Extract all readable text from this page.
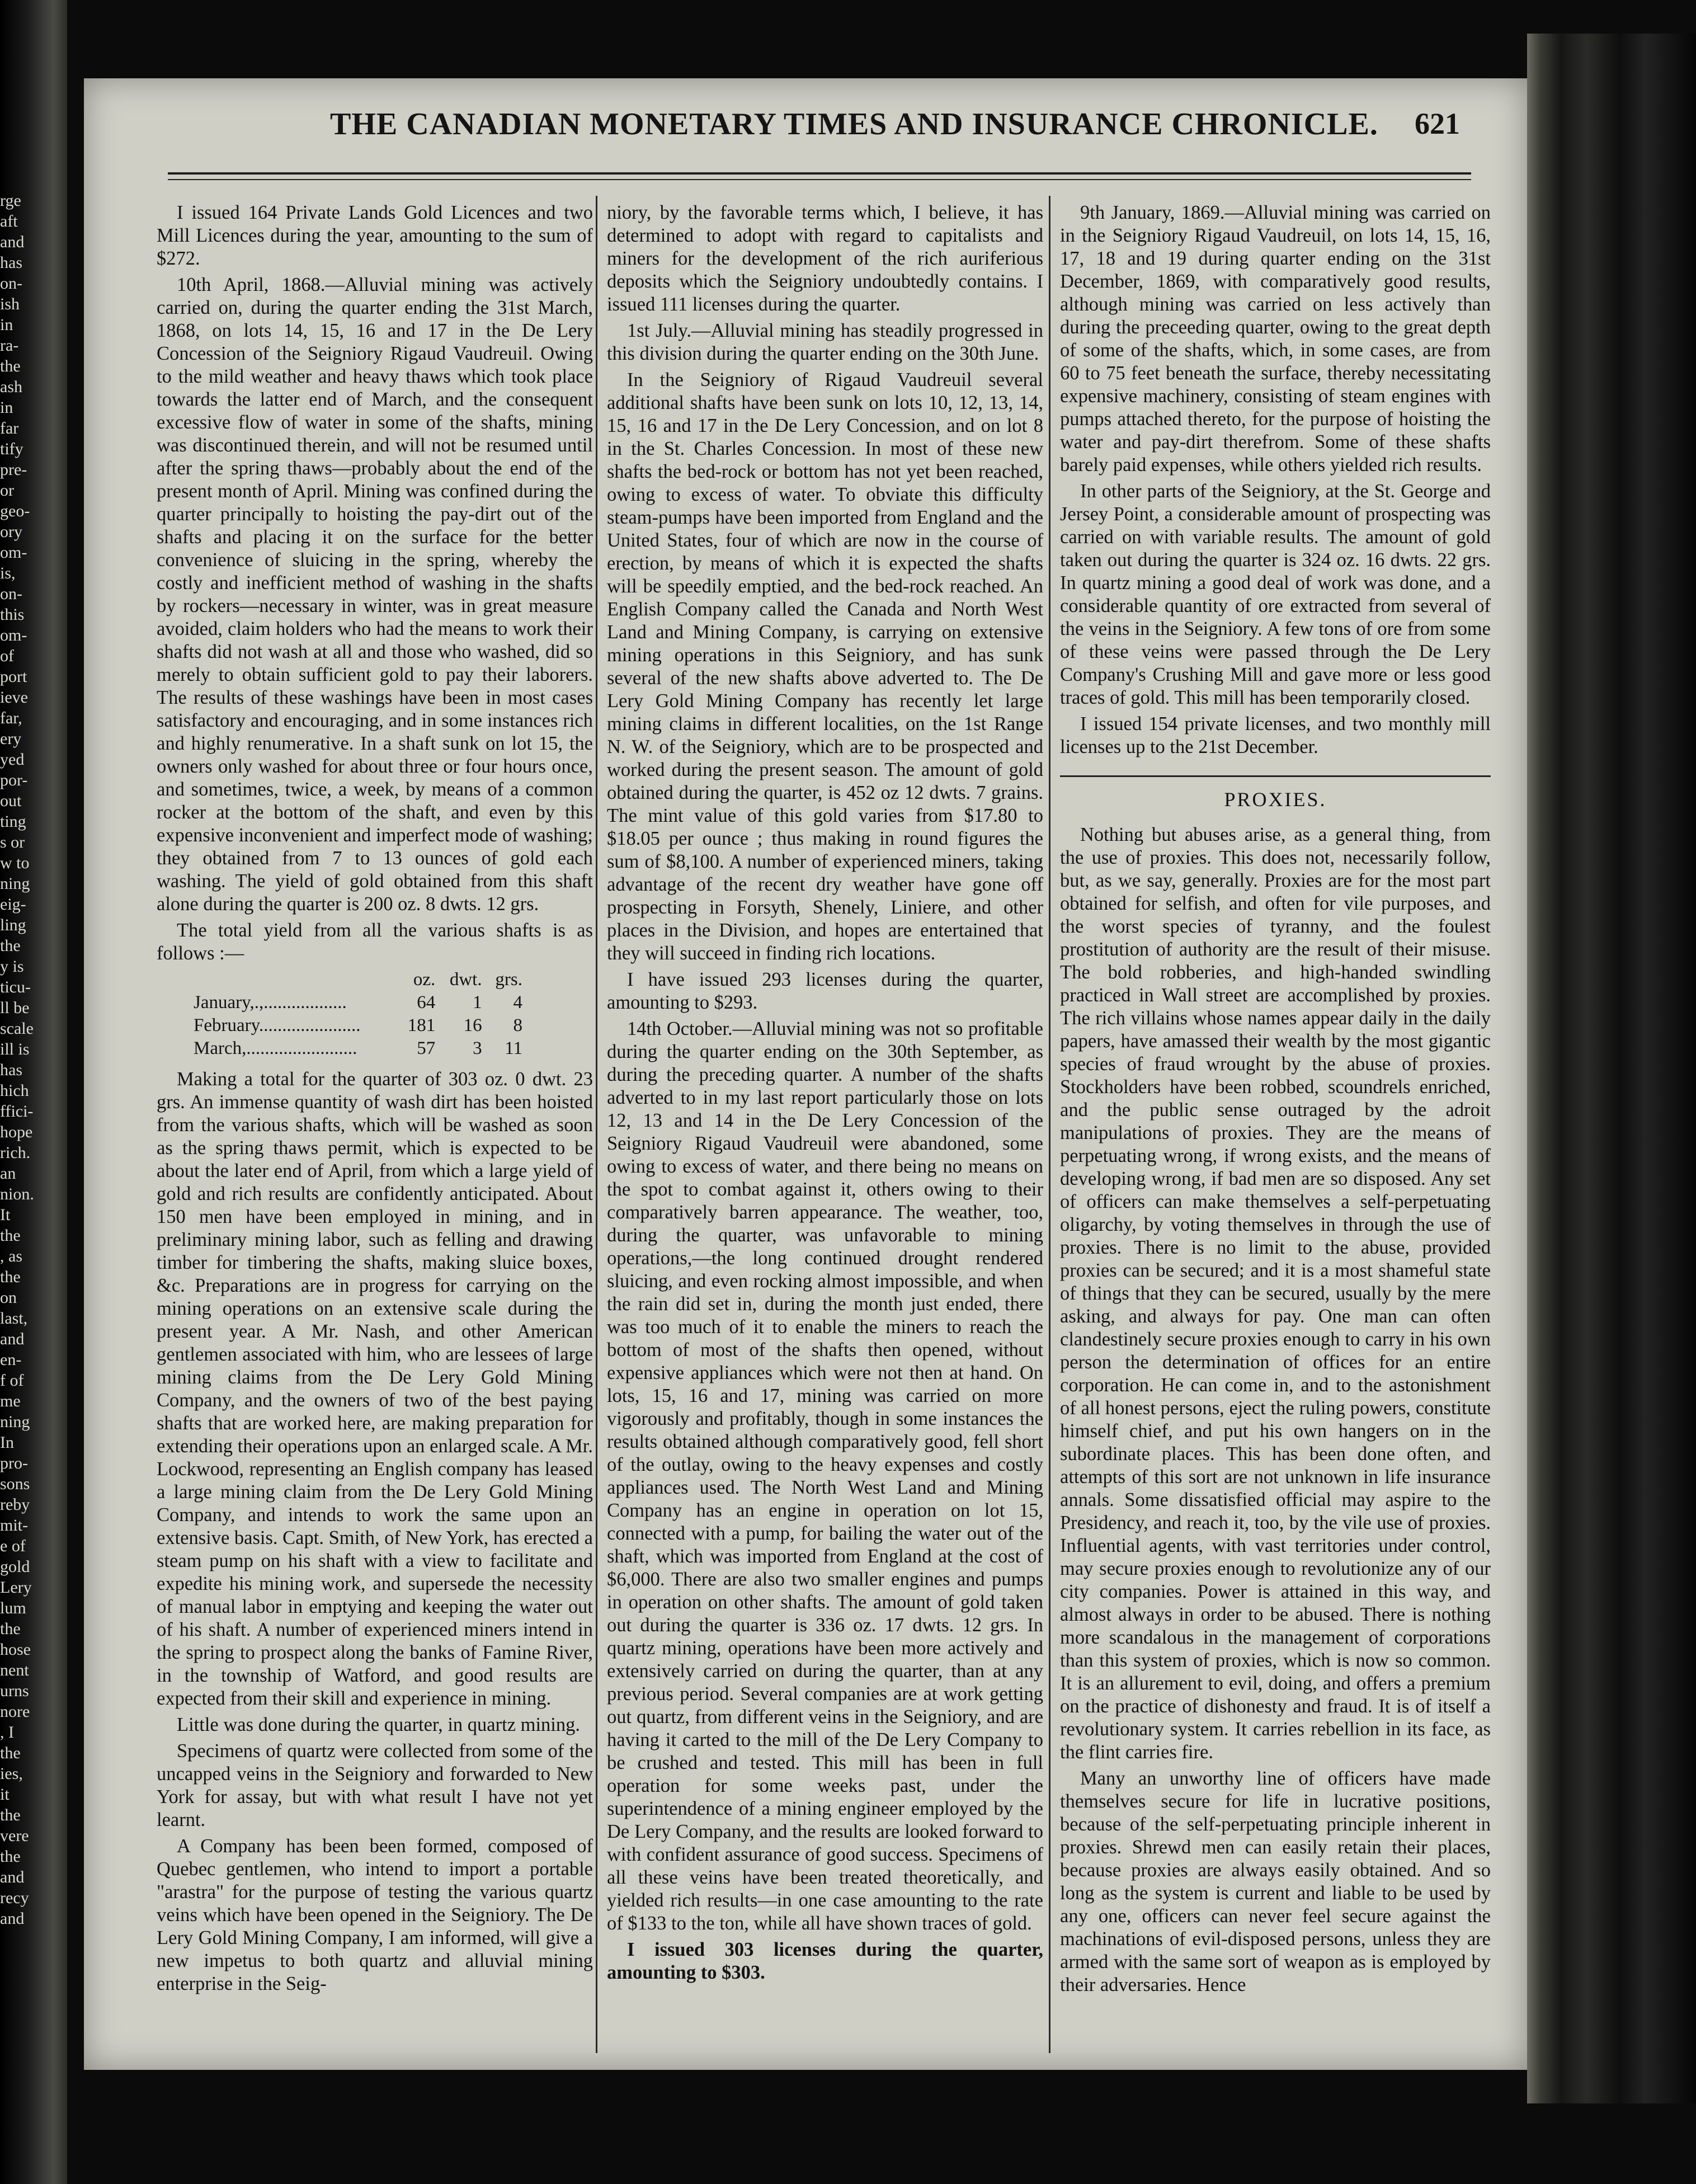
rge
aft
and
has
on-
ish
in
ra-
the
ash
in
far
tify
pre-
or
geo-
ory
om-
is,
on-
this
om-
of
port
ieve
far,
ery
yed
por-
out
ting
s or
w to
ning
eig-
ling
the
y is
ticu-
ll be
scale
ill is
has
hich
ffici-
hope
rich.
an
nion.
It
the
, as
the
on
last,
and
en-
f of
me
ning
In
pro-
sons
reby
mit-
e of
gold
Lery
lum
the
hose
nent
urns
nore
, I
the
ies,
it
the
vere
the
and
recy
and
THE CANADIAN MONETARY TIMES AND INSURANCE CHRONICLE. 621

I issued 164 Private Lands Gold Licences and two Mill Licences during the year, amounting to the sum of $272.

10th April, 1868.—Alluvial mining was actively carried on, during the quarter ending the 31st March, 1868, on lots 14, 15, 16 and 17 in the De Lery Concession of the Seigniory Rigaud Vaudreuil. Owing to the mild weather and heavy thaws which took place towards the latter end of March, and the consequent excessive flow of water in some of the shafts, mining was discontinued therein, and will not be resumed until after the spring thaws—probably about the end of the present month of April. Mining was confined during the quarter principally to hoisting the pay-dirt out of the shafts and placing it on the surface for the better convenience of sluicing in the spring, whereby the costly and inefficient method of washing in the shafts by rockers—necessary in winter, was in great measure avoided, claim holders who had the means to work their shafts did not wash at all and those who washed, did so merely to obtain sufficient gold to pay their laborers. The results of these washings have been in most cases satisfactory and encouraging, and in some instances rich and highly renumerative. In a shaft sunk on lot 15, the owners only washed for about three or four hours once, and sometimes, twice, a week, by means of a common rocker at the bottom of the shaft, and even by this expensive inconvenient and imperfect mode of washing; they obtained from 7 to 13 ounces of gold each washing. The yield of gold obtained from this shaft alone during the quarter is 200 oz. 8 dwts. 12 grs.

The total yield from all the various shafts is as follows :—

	oz.	dwt.	grs.
January,.,..................	64	1	4
February......................	181	16	8
March,........................	57	3	11

Making a total for the quarter of 303 oz. 0 dwt. 23 grs. An immense quantity of wash dirt has been hoisted from the various shafts, which will be washed as soon as the spring thaws permit, which is expected to be about the later end of April, from which a large yield of gold and rich results are confidently anticipated. About 150 men have been employed in mining, and in preliminary mining labor, such as felling and drawing timber for timbering the shafts, making sluice boxes, &c. Preparations are in progress for carrying on the mining operations on an extensive scale during the present year. A Mr. Nash, and other American gentlemen associated with him, who are lessees of large mining claims from the De Lery Gold Mining Company, and the owners of two of the best paying shafts that are worked here, are making preparation for extending their operations upon an enlarged scale. A Mr. Lockwood, representing an English company has leased a large mining claim from the De Lery Gold Mining Company, and intends to work the same upon an extensive basis. Capt. Smith, of New York, has erected a steam pump on his shaft with a view to facilitate and expedite his mining work, and supersede the necessity of manual labor in emptying and keeping the water out of his shaft. A number of experienced miners intend in the spring to prospect along the banks of Famine River, in the township of Watford, and good results are expected from their skill and experience in mining.

Little was done during the quarter, in quartz mining.

Specimens of quartz were collected from some of the uncapped veins in the Seigniory and forwarded to New York for assay, but with what result I have not yet learnt.

A Company has been been formed, composed of Quebec gentlemen, who intend to import a portable "arastra" for the purpose of testing the various quartz veins which have been opened in the Seigniory. The De Lery Gold Mining Company, I am informed, will give a new impetus to both quartz and alluvial mining enterprise in the Seig-

niory, by the favorable terms which, I believe, it has determined to adopt with regard to capitalists and miners for the development of the rich auriferious deposits which the Seigniory undoubtedly contains. I issued 111 licenses during the quarter.

1st July.—Alluvial mining has steadily progressed in this division during the quarter ending on the 30th June.

In the Seigniory of Rigaud Vaudreuil several additional shafts have been sunk on lots 10, 12, 13, 14, 15, 16 and 17 in the De Lery Concession, and on lot 8 in the St. Charles Concession. In most of these new shafts the bed-rock or bottom has not yet been reached, owing to excess of water. To obviate this difficulty steam-pumps have been imported from England and the United States, four of which are now in the course of erection, by means of which it is expected the shafts will be speedily emptied, and the bed-rock reached. An English Company called the Canada and North West Land and Mining Company, is carrying on extensive mining operations in this Seigniory, and has sunk several of the new shafts above adverted to. The De Lery Gold Mining Company has recently let large mining claims in different localities, on the 1st Range N. W. of the Seigniory, which are to be prospected and worked during the present season. The amount of gold obtained during the quarter, is 452 oz 12 dwts. 7 grains. The mint value of this gold varies from $17.80 to $18.05 per ounce ; thus making in round figures the sum of $8,100. A number of experienced miners, taking advantage of the recent dry weather have gone off prospecting in Forsyth, Shenely, Liniere, and other places in the Division, and hopes are entertained that they will succeed in finding rich locations.

I have issued 293 licenses during the quarter, amounting to $293.

14th October.—Alluvial mining was not so profitable during the quarter ending on the 30th September, as during the preceding quarter. A number of the shafts adverted to in my last report particularly those on lots 12, 13 and 14 in the De Lery Concession of the Seigniory Rigaud Vaudreuil were abandoned, some owing to excess of water, and there being no means on the spot to combat against it, others owing to their comparatively barren appearance. The weather, too, during the quarter, was unfavorable to mining operations,—the long continued drought rendered sluicing, and even rocking almost impossible, and when the rain did set in, during the month just ended, there was too much of it to enable the miners to reach the bottom of most of the shafts then opened, without expensive appliances which were not then at hand. On lots, 15, 16 and 17, mining was carried on more vigorously and profitably, though in some instances the results obtained although comparatively good, fell short of the outlay, owing to the heavy expenses and costly appliances used. The North West Land and Mining Company has an engine in operation on lot 15, connected with a pump, for bailing the water out of the shaft, which was imported from England at the cost of $6,000. There are also two smaller engines and pumps in operation on other shafts. The amount of gold taken out during the quarter is 336 oz. 17 dwts. 12 grs. In quartz mining, operations have been more actively and extensively carried on during the quarter, than at any previous period. Several companies are at work getting out quartz, from different veins in the Seigniory, and are having it carted to the mill of the De Lery Company to be crushed and tested. This mill has been in full operation for some weeks past, under the superintendence of a mining engineer employed by the De Lery Company, and the results are looked forward to with confident assurance of good success. Specimens of all these veins have been treated theoretically, and yielded rich results—in one case amounting to the rate of $133 to the ton, while all have shown traces of gold.

I issued 303 licenses during the quarter, amounting to $303.

9th January, 1869.—Alluvial mining was carried on in the Seigniory Rigaud Vaudreuil, on lots 14, 15, 16, 17, 18 and 19 during quarter ending on the 31st December, 1869, with comparatively good results, although mining was carried on less actively than during the preceeding quarter, owing to the great depth of some of the shafts, which, in some cases, are from 60 to 75 feet beneath the surface, thereby necessitating expensive machinery, consisting of steam engines with pumps attached thereto, for the purpose of hoisting the water and pay-dirt therefrom. Some of these shafts barely paid expenses, while others yielded rich results.

In other parts of the Seigniory, at the St. George and Jersey Point, a considerable amount of prospecting was carried on with variable results. The amount of gold taken out during the quarter is 324 oz. 16 dwts. 22 grs. In quartz mining a good deal of work was done, and a considerable quantity of ore extracted from several of the veins in the Seigniory. A few tons of ore from some of these veins were passed through the De Lery Company's Crushing Mill and gave more or less good traces of gold. This mill has been temporarily closed.

I issued 154 private licenses, and two monthly mill licenses up to the 21st December.

PROXIES.

Nothing but abuses arise, as a general thing, from the use of proxies. This does not, necessarily follow, but, as we say, generally. Proxies are for the most part obtained for selfish, and often for vile purposes, and the worst species of tyranny, and the foulest prostitution of authority are the result of their misuse. The bold robberies, and high-handed swindling practiced in Wall street are accomplished by proxies. The rich villains whose names appear daily in the daily papers, have amassed their wealth by the most gigantic species of fraud wrought by the abuse of proxies. Stockholders have been robbed, scoundrels enriched, and the public sense outraged by the adroit manipulations of proxies. They are the means of perpetuating wrong, if wrong exists, and the means of developing wrong, if bad men are so disposed. Any set of officers can make themselves a self-perpetuating oligarchy, by voting themselves in through the use of proxies. There is no limit to the abuse, provided proxies can be secured; and it is a most shameful state of things that they can be secured, usually by the mere asking, and always for pay. One man can often clandestinely secure proxies enough to carry in his own person the determination of offices for an entire corporation. He can come in, and to the astonishment of all honest persons, eject the ruling powers, constitute himself chief, and put his own hangers on in the subordinate places. This has been done often, and attempts of this sort are not unknown in life insurance annals. Some dissatisfied official may aspire to the Presidency, and reach it, too, by the vile use of proxies. Influential agents, with vast territories under control, may secure proxies enough to revolutionize any of our city companies. Power is attained in this way, and almost always in order to be abused. There is nothing more scandalous in the management of corporations than this system of proxies, which is now so common. It is an allurement to evil, doing, and offers a premium on the practice of dishonesty and fraud. It is of itself a revolutionary system. It carries rebellion in its face, as the flint carries fire.

Many an unworthy line of officers have made themselves secure for life in lucrative positions, because of the self-perpetuating principle inherent in proxies. Shrewd men can easily retain their places, because proxies are always easily obtained. And so long as the system is current and liable to be used by any one, officers can never feel secure against the machinations of evil-disposed persons, unless they are armed with the same sort of weapon as is employed by their adversaries. Hence
